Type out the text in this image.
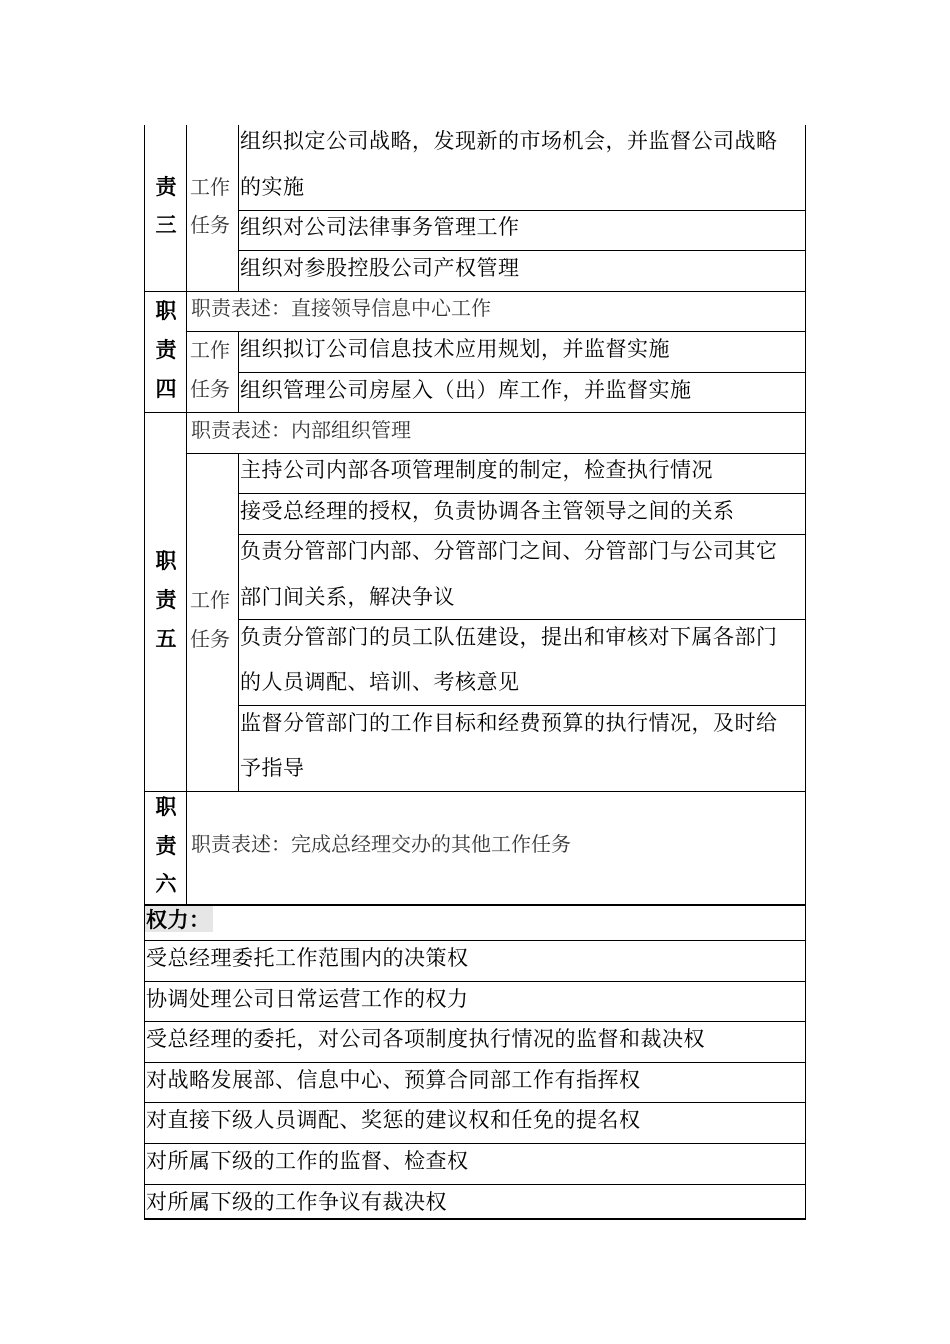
责
三
工作
任务
组织拟定公司战略，发现新的市场机会，并监督公司战略
的实施
组织对公司法律事务管理工作
组织对参股控股公司产权管理
职
责
四
职责表述：直接领导信息中心工作
工作
任务
组织拟订公司信息技术应用规划，并监督实施
组织管理公司房屋入（出）库工作，并监督实施
职
责
五
职责表述：内部组织管理
工作
任务
主持公司内部各项管理制度的制定，检查执行情况
接受总经理的授权，负责协调各主管领导之间的关系
负责分管部门内部、分管部门之间、分管部门与公司其它
部门间关系，解决争议
负责分管部门的员工队伍建设，提出和审核对下属各部门
的人员调配、培训、考核意见
监督分管部门的工作目标和经费预算的执行情况，及时给
予指导
职
责
六
职责表述：完成总经理交办的其他工作任务
权力：
受总经理委托工作范围内的决策权
协调处理公司日常运营工作的权力
受总经理的委托，对公司各项制度执行情况的监督和裁决权
对战略发展部、信息中心、预算合同部工作有指挥权
对直接下级人员调配、奖惩的建议权和任免的提名权
对所属下级的工作的监督、检查权
对所属下级的工作争议有裁决权
